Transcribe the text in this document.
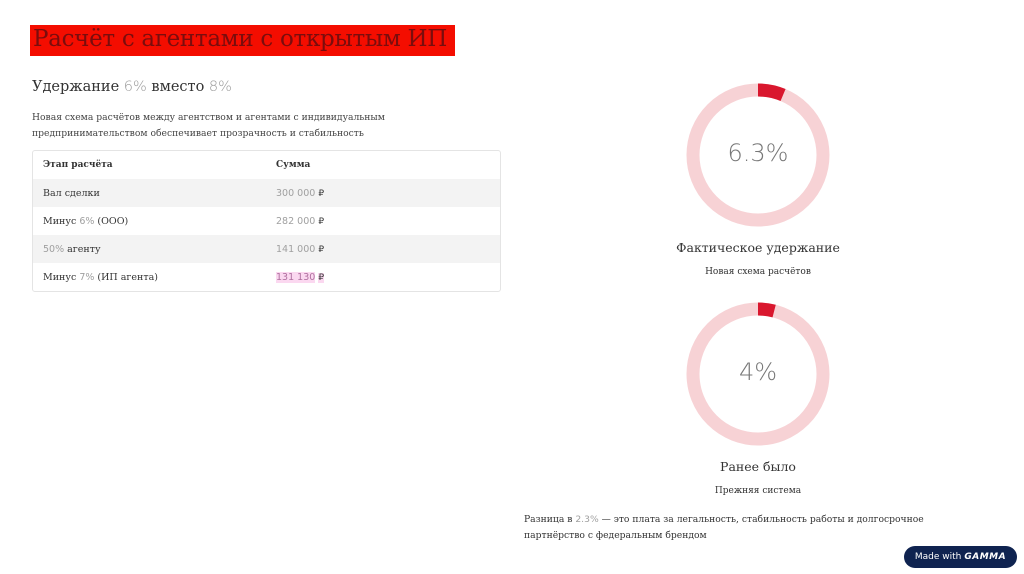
Расчёт с агентами с открытым ИП
Удержание 6% вместо 8%
Новая схема расчётов между агентством и агентами с индивидуальным предпринимательством обеспечивает прозрачность и стабильность
Этап расчёта	Сумма
Вал сделки	300 000 ₽
Минус 6% (ООО)	282 000 ₽
50% агенту	141 000 ₽
Минус 7% (ИП агента)	131 130 ₽
6.3%
Фактическое удержание
Новая схема расчётов
4%
Ранее было
Прежняя система
Разница в 2.3% — это плата за легальность, стабильность работы и долгосрочное партнёрство с федеральным брендом
Made with GAMMA
